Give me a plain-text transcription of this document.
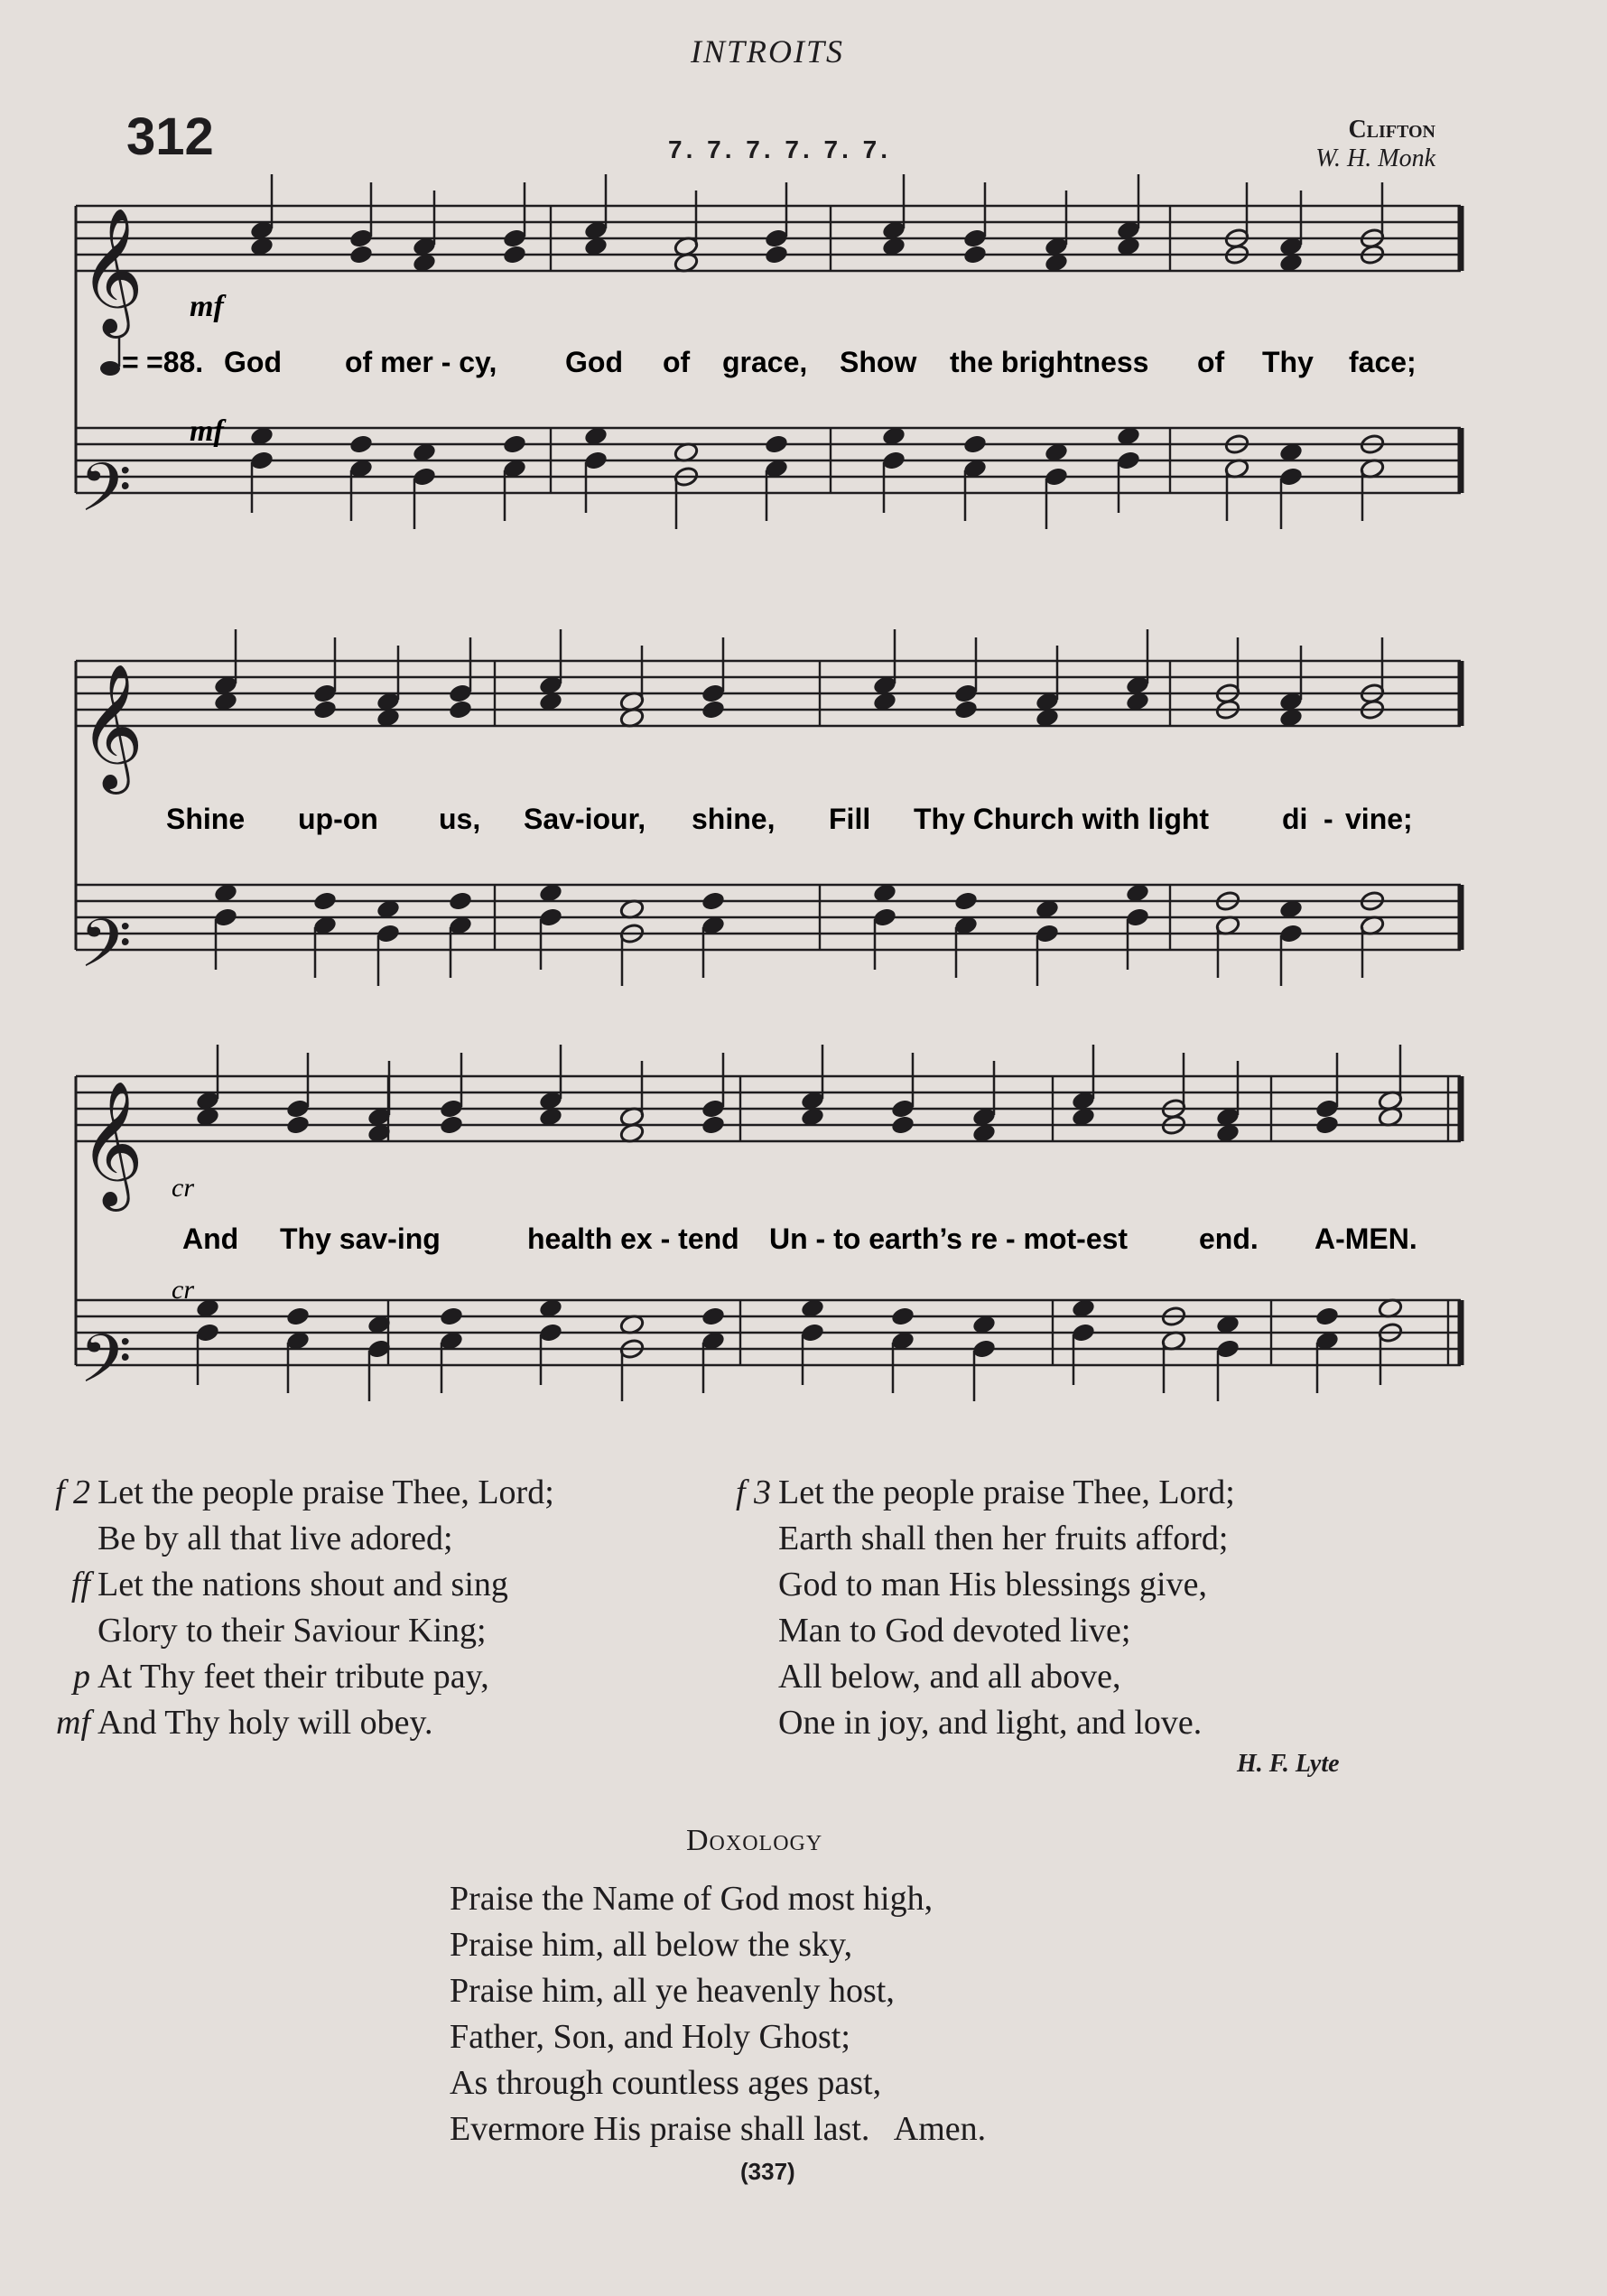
INTROITS
312	7. 7. 7. 7. 7. 7.
Clifton
W. H. Monk
𝄞
𝄢
𝄞
𝄢
𝄞
𝄢
mf
mf
cr
cr
= =88. God of mer - cy, God of grace, Show the brightness of Thy face;
Shine up-on us, Sav-iour, shine, Fill Thy Church with light	di - vine;
And Thy sav-ing	health ex - tend Un - to earth’s re - mot-est end. A-MEN.
f 2 Let the people praise Thee, Lord;
Be by all that live adored;
ff Let the nations shout and sing
Glory to their Saviour King;
p At Thy feet their tribute pay,
mf And Thy holy will obey.
f 3 Let the people praise Thee, Lord;
Earth shall then her fruits afford;
God to man His blessings give,
Man to God devoted live;
All below, and all above,
One in joy, and light, and love.
H. F. Lyte
Doxology
Praise the Name of God most high,
Praise him, all below the sky,
Praise him, all ye heavenly host,
Father, Son, and Holy Ghost;
As through countless ages past,
Evermore His praise shall last.   Amen.
(337)
